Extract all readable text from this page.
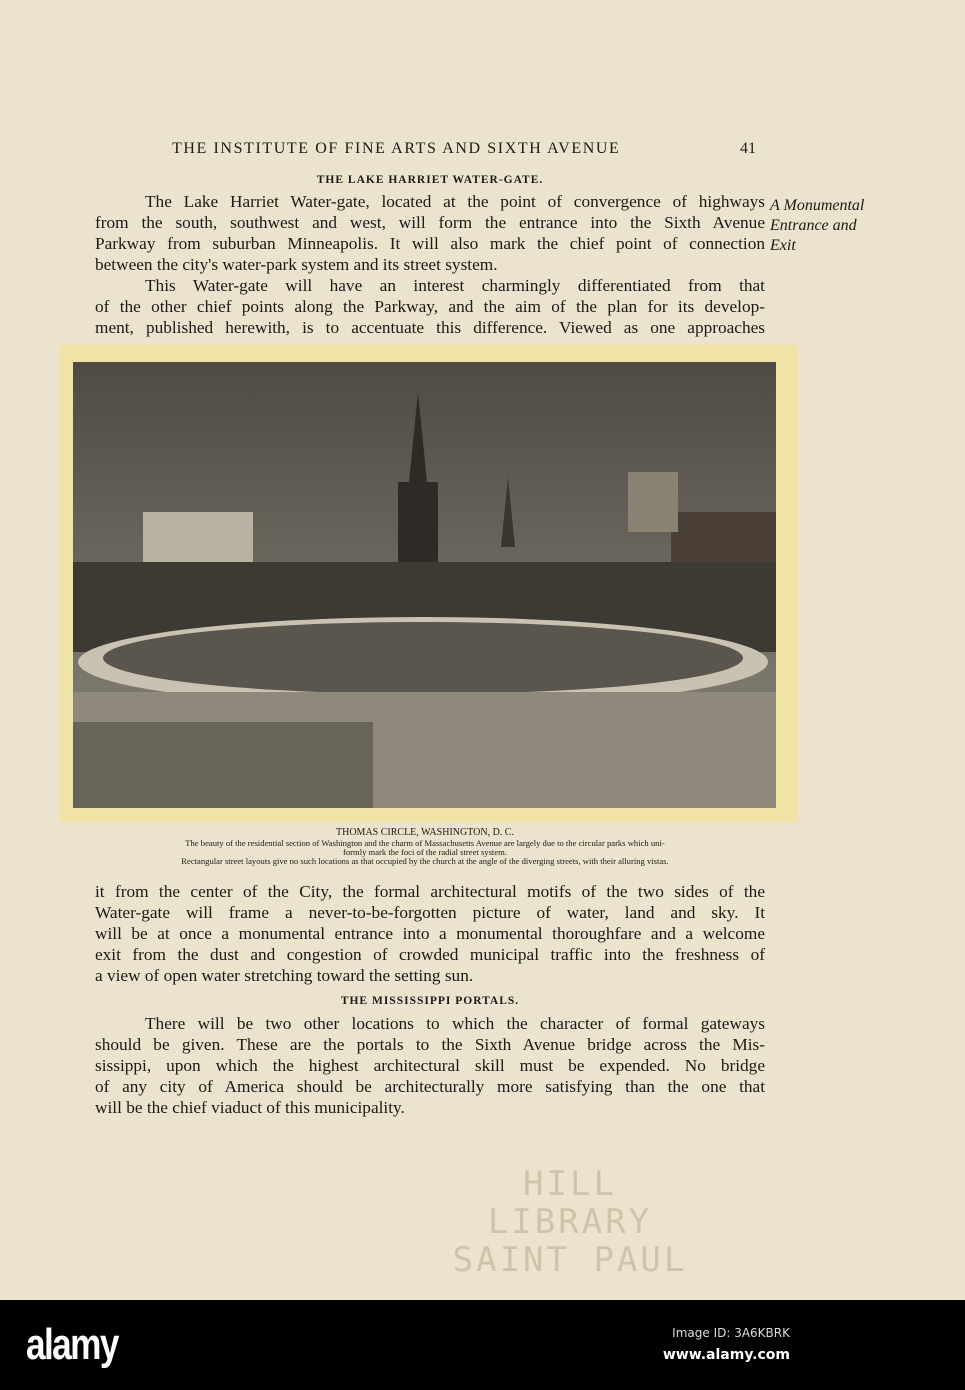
THE INSTITUTE OF FINE ARTS AND SIXTH AVENUE	41
THE LAKE HARRIET WATER-GATE.
The Lake Harriet Water-gate, located at the point of convergence of highways
from the south, southwest and west, will form the entrance into the Sixth Avenue
Parkway from suburban Minneapolis. It will also mark the chief point of connection
between the city's water-park system and its street system.
This Water-gate will have an interest charmingly differentiated from that
of the other chief points along the Parkway, and the aim of the plan for its develop-
ment, published herewith, is to accentuate this difference. Viewed as one approaches
A Monumental
Entrance and
Exit
THOMAS CIRCLE, WASHINGTON, D. C.
The beauty of the residential section of Washington and the charm of Massachusetts Avenue are largely due to the circular parks which uni-
formly mark the foci of the radial street system.
Rectangular street layouts give no such locations as that occupied by the church at the angle of the diverging streets, with their alluring vistas.
it from the center of the City, the formal architectural motifs of the two sides of the
Water-gate will frame a never-to-be-forgotten picture of water, land and sky. It
will be at once a monumental entrance into a monumental thoroughfare and a welcome
exit from the dust and congestion of crowded municipal traffic into the freshness of
a view of open water stretching toward the setting sun.
THE MISSISSIPPI PORTALS.
There will be two other locations to which the character of formal gateways
should be given. These are the portals to the Sixth Avenue bridge across the Mis-
sissippi, upon which the highest architectural skill must be expended. No bridge
of any city of America should be architecturally more satisfying than the one that
will be the chief viaduct of this municipality.
HILL LIBRARY
SAINT PAUL
alamy	Image ID: 3A6KBRK
www.alamy.com
